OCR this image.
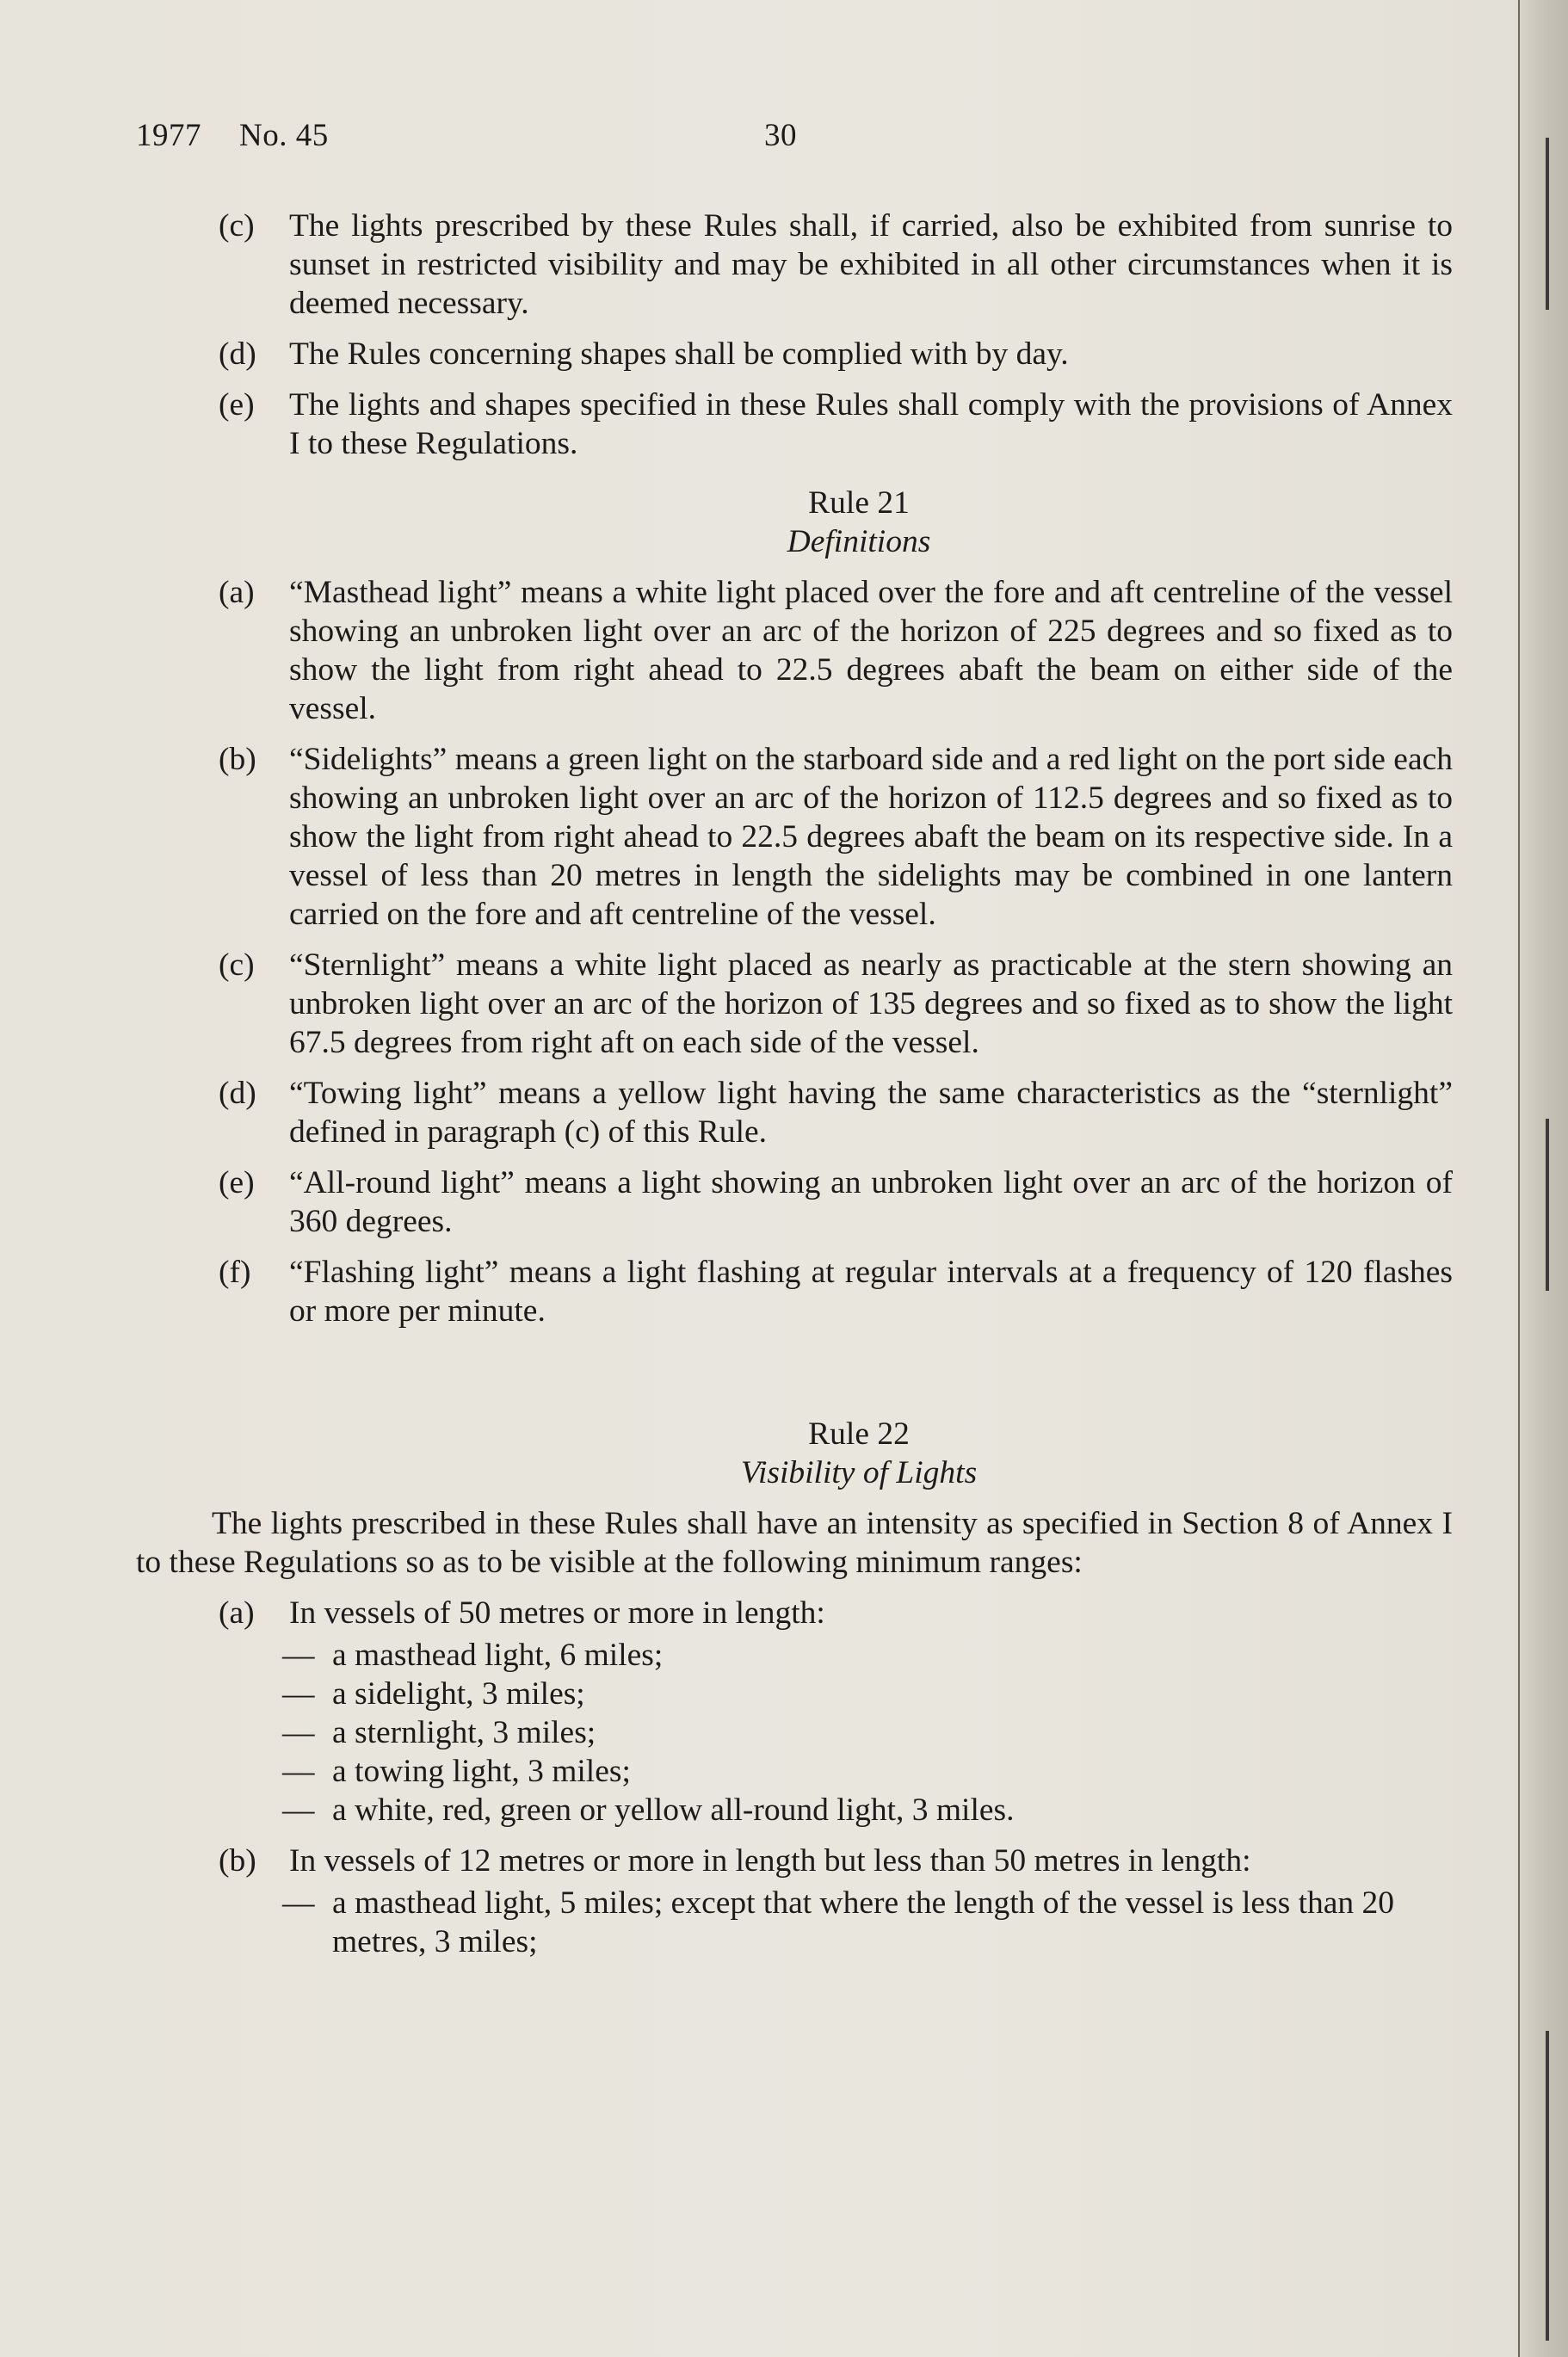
1977 No. 45	30
(c)	The lights prescribed by these Rules shall, if carried, also be exhibited from sunrise to sunset in restricted visibility and may be exhibited in all other circumstances when it is deemed necessary.
(d)	The Rules concerning shapes shall be complied with by day.
(e)	The lights and shapes specified in these Rules shall comply with the provisions of Annex I to these Regulations.
Rule 21
Definitions
(a)	“Masthead light” means a white light placed over the fore and aft centreline of the vessel showing an unbroken light over an arc of the horizon of 225 degrees and so fixed as to show the light from right ahead to 22.5 degrees abaft the beam on either side of the vessel.
(b)	“Sidelights” means a green light on the starboard side and a red light on the port side each showing an unbroken light over an arc of the horizon of 112.5 degrees and so fixed as to show the light from right ahead to 22.5 degrees abaft the beam on its respective side. In a vessel of less than 20 metres in length the sidelights may be combined in one lantern carried on the fore and aft centreline of the vessel.
(c)	“Sternlight” means a white light placed as nearly as practicable at the stern showing an unbroken light over an arc of the horizon of 135 degrees and so fixed as to show the light 67.5 degrees from right aft on each side of the vessel.
(d)	“Towing light” means a yellow light having the same characteristics as the “sternlight” defined in paragraph (c) of this Rule.
(e)	“All-round light” means a light showing an unbroken light over an arc of the horizon of 360 degrees.
(f)	“Flashing light” means a light flashing at regular intervals at a frequency of 120 flashes or more per minute.
Rule 22
Visibility of Lights
The lights prescribed in these Rules shall have an intensity as specified in Section 8 of Annex I to these Regulations so as to be visible at the following minimum ranges:
(a)	In vessels of 50 metres or more in length:
— a masthead light, 6 miles;
— a sidelight, 3 miles;
— a sternlight, 3 miles;
— a towing light, 3 miles;
— a white, red, green or yellow all-round light, 3 miles.
(b)	In vessels of 12 metres or more in length but less than 50 metres in length:
— a masthead light, 5 miles; except that where the length of the vessel is less than 20 metres, 3 miles;
